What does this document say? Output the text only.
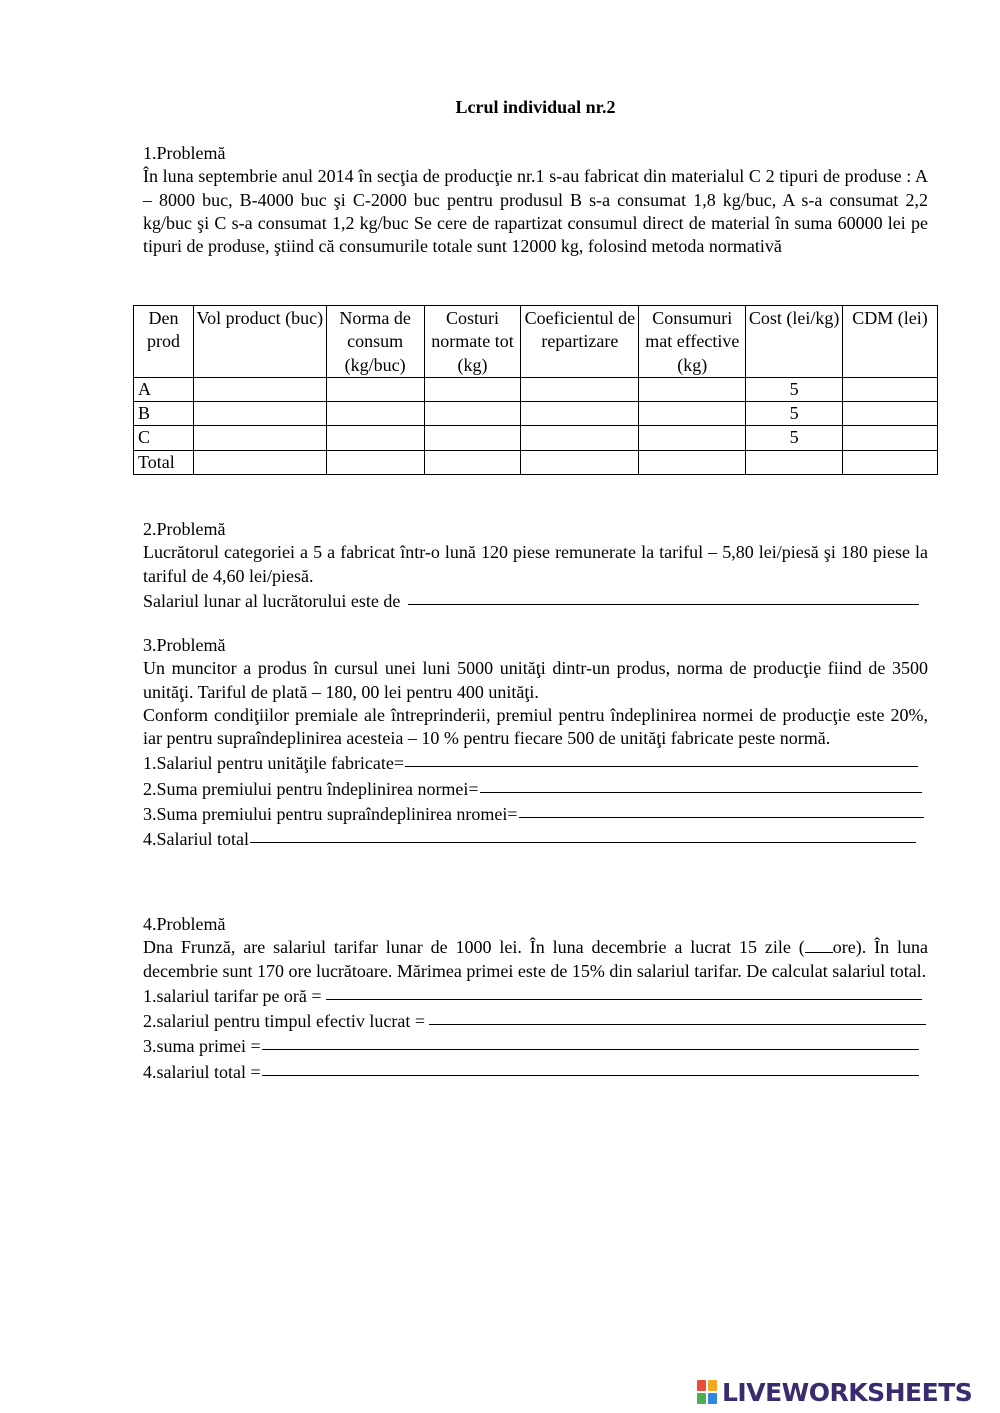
Lcrul individual nr.2

1.Problemă

În luna septembrie anul 2014 în secţia de producţie nr.1 s-au fabricat din materialul C 2 tipuri de produse : A – 8000 buc, B-4000 buc şi C-2000 buc pentru produsul B s-a consumat 1,8 kg/buc, A s-a consumat 2,2 kg/buc şi C s-a consumat 1,2 kg/buc Se cere de rapartizat consumul direct de material în suma 60000 lei pe tipuri de produse, ştiind că consumurile totale sunt 12000 kg, folosind metoda normativă

2.Problemă

Lucrătorul categoriei a 5 a fabricat într-o lună 120 piese remunerate la tariful – 5,80 lei/piesă şi 180 piese la tariful de 4,60 lei/piesă.

Salariul lunar al lucrătorului este de

3.Problemă

Un muncitor a produs în cursul unei luni 5000 unităţi dintr-un produs, norma de producţie fiind de 3500 unităţi. Tariful de plată – 180, 00 lei pentru 400 unităţi.

Conform condiţiilor premiale ale întreprinderii, premiul pentru îndeplinirea normei de producţie este 20%, iar pentru supraîndeplinirea acesteia – 10 % pentru fiecare 500 de unităţi fabricate peste normă.

1.Salariul pentru unităţile fabricate=

2.Suma premiului pentru îndeplinirea normei=

3.Suma premiului pentru supraîndeplinirea nromei=

4.Salariul total

4.Problemă

Dna Frunză, are salariul tarifar lunar de 1000 lei. În luna decembrie a lucrat 15 zile ( ore). În luna decembrie sunt 170 ore lucrătoare. Mărimea primei este de 15% din salariul tarifar. De calculat salariul total.

1.salariul tarifar pe oră =

2.salariul pentru timpul efectiv lucrat =

3.suma primei =

4.salariul total =

Den prod	Vol product (buc)	Norma de consum (kg/buc)	Costuri normate tot (kg)	Coeficientul de repartizare	Consumuri mat effective (kg)	Cost (lei/kg)	CDM (lei)
A						5	
B						5	
C						5	
Total							
LIVEWORKSHEETS
